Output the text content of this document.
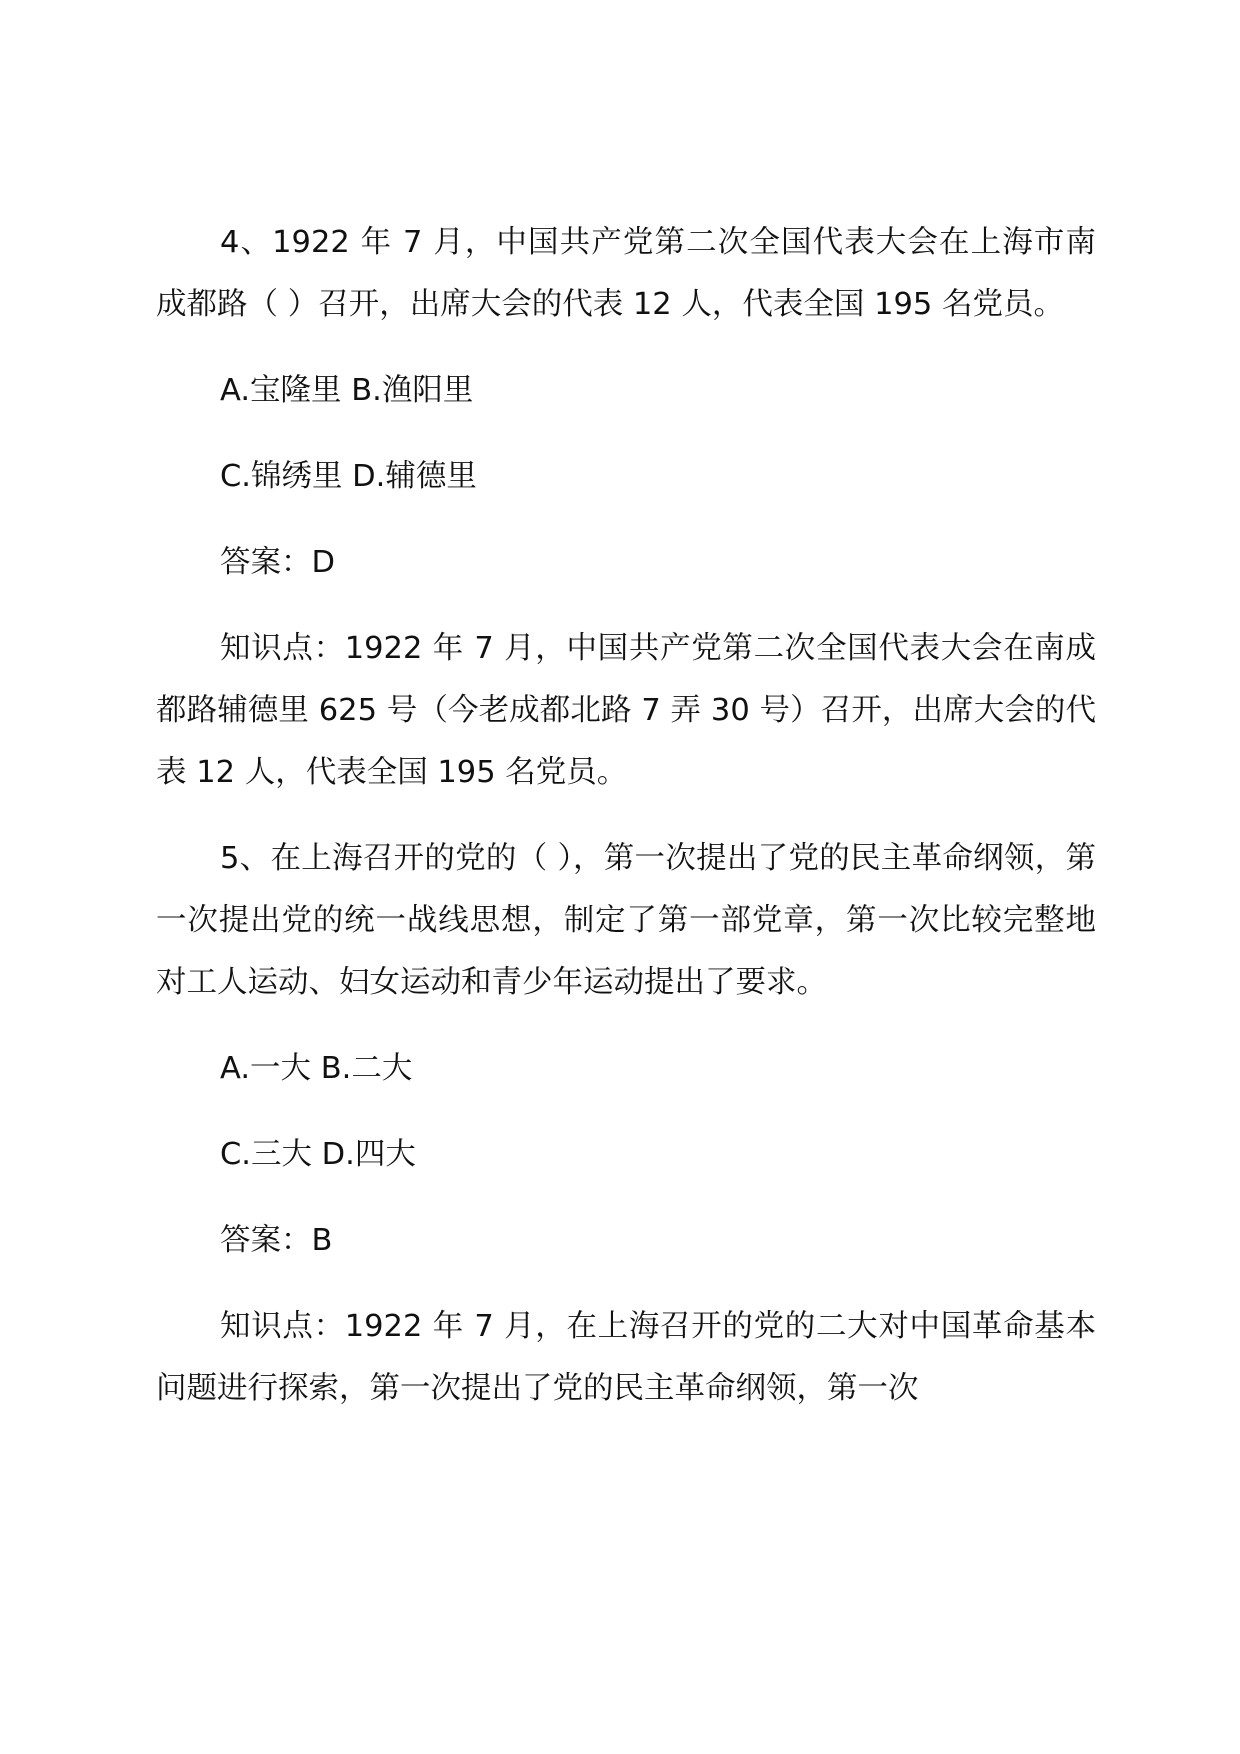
4、1922 年 7 月，中国共产党第二次全国代表大会在上海市南成都路（ ）召开，出席大会的代表 12 人，代表全国 195 名党员。

A.宝隆里 B.渔阳里

C.锦绣里 D.辅德里

答案：D

知识点：1922 年 7 月，中国共产党第二次全国代表大会在南成都路辅德里 625 号（今老成都北路 7 弄 30 号）召开，出席大会的代表 12 人，代表全国 195 名党员。

5、在上海召开的党的（ ），第一次提出了党的民主革命纲领，第一次提出党的统一战线思想，制定了第一部党章，第一次比较完整地对工人运动、妇女运动和青少年运动提出了要求。

A.一大 B.二大

C.三大 D.四大

答案：B

知识点：1922 年 7 月，在上海召开的党的二大对中国革命基本问题进行探索，第一次提出了党的民主革命纲领，第一次
